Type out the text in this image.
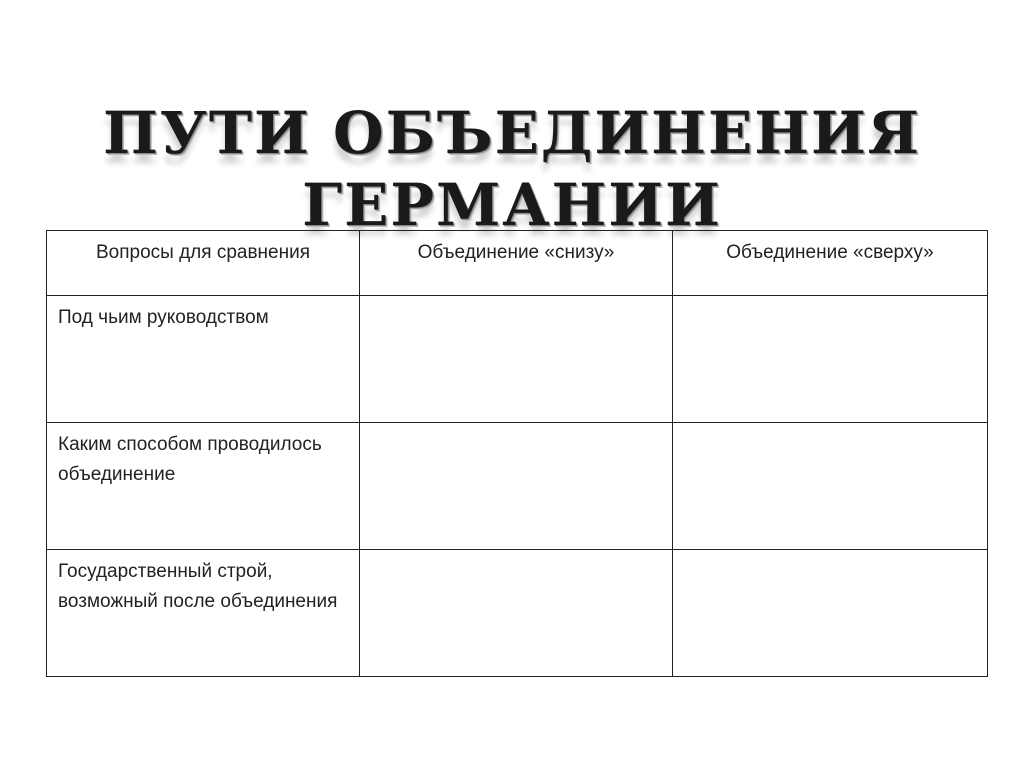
ПУТИ ОБЪЕДИНЕНИЯ
ГЕРМАНИИ
Вопросы для сравнения	Объединение «снизу»	Объединение «сверху»
Под чьим руководством		
Каким способом проводилось объединение		
Государственный строй, возможный после объединения		
